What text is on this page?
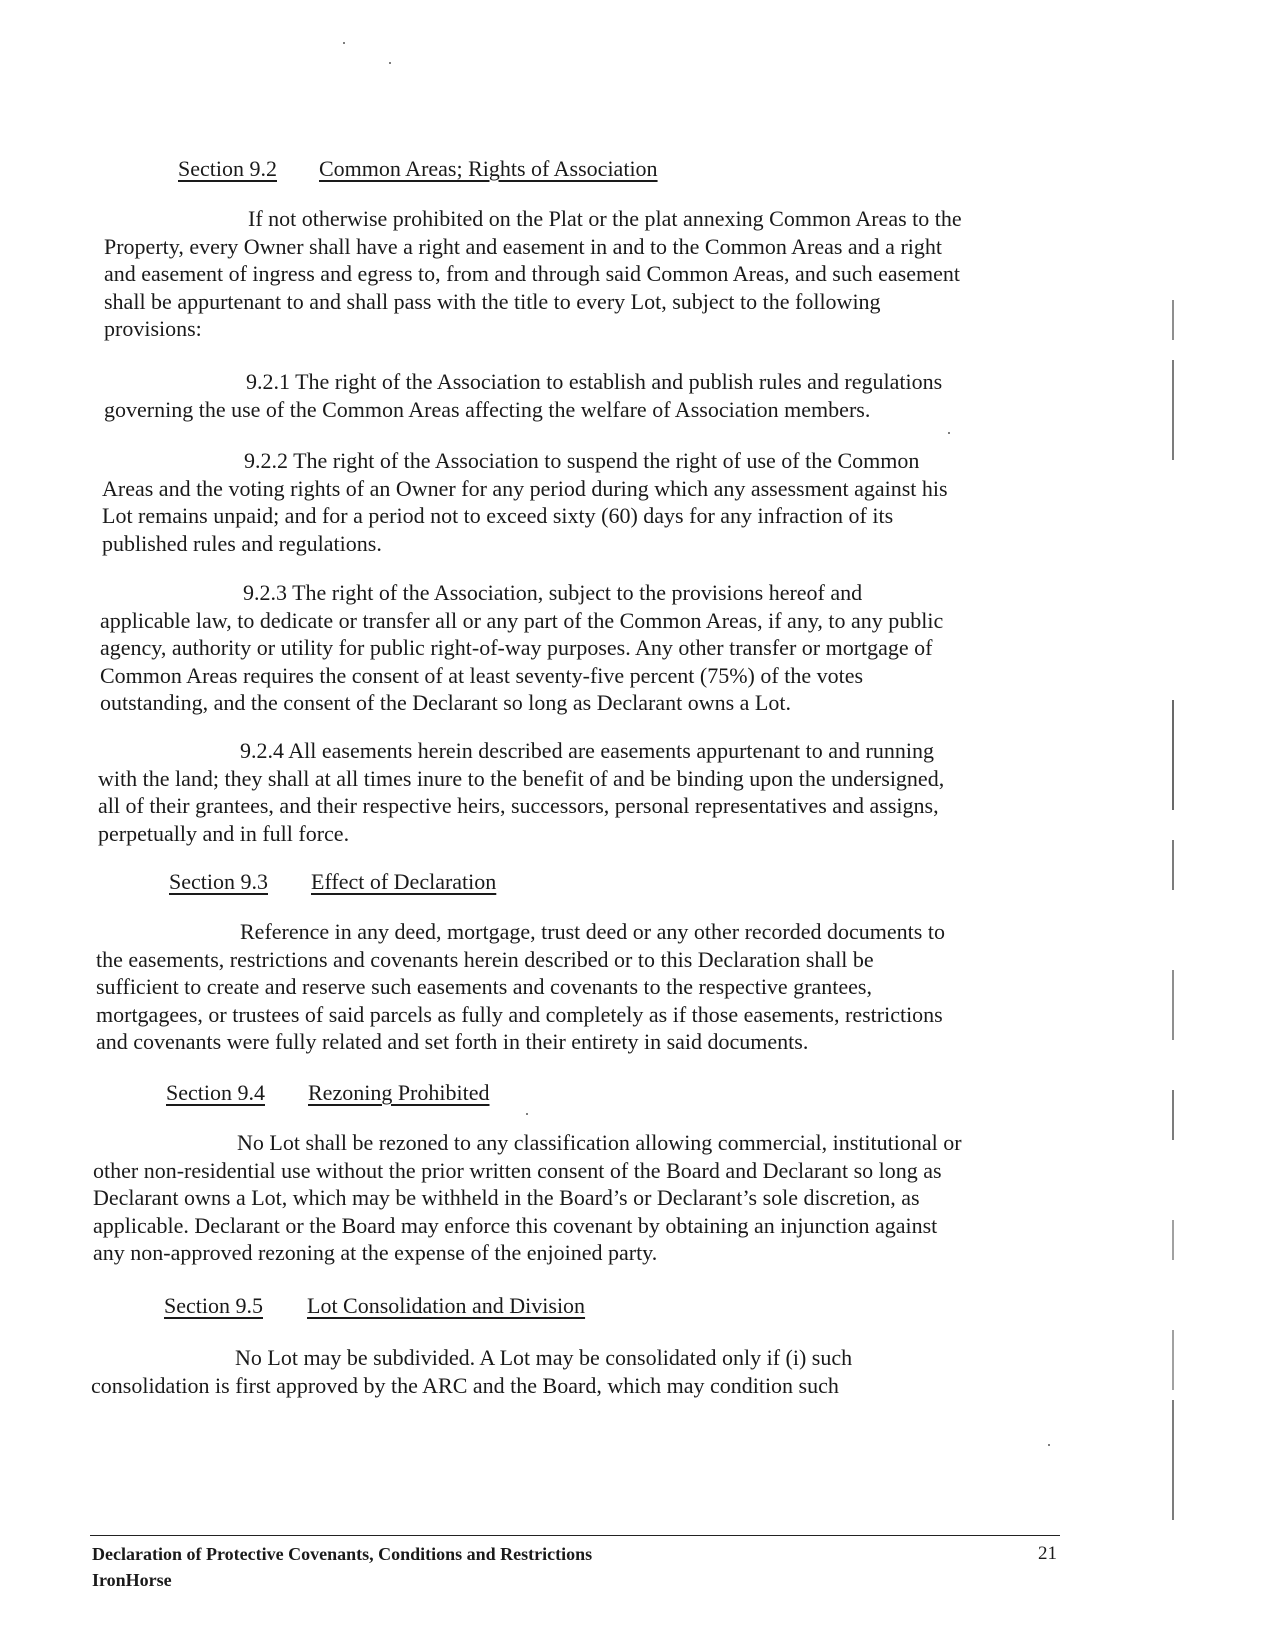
Section 9.2 Common Areas; Rights of Association
If not otherwise prohibited on the Plat or the plat annexing Common Areas to the
Property, every Owner shall have a right and easement in and to the Common Areas and a right
and easement of ingress and egress to, from and through said Common Areas, and such easement
shall be appurtenant to and shall pass with the title to every Lot, subject to the following
provisions:
9.2.1 The right of the Association to establish and publish rules and regulations
governing the use of the Common Areas affecting the welfare of Association members.
9.2.2 The right of the Association to suspend the right of use of the Common
Areas and the voting rights of an Owner for any period during which any assessment against his
Lot remains unpaid; and for a period not to exceed sixty (60) days for any infraction of its
published rules and regulations.
9.2.3 The right of the Association, subject to the provisions hereof and
applicable law, to dedicate or transfer all or any part of the Common Areas, if any, to any public
agency, authority or utility for public right-of-way purposes. Any other transfer or mortgage of
Common Areas requires the consent of at least seventy-five percent (75%) of the votes
outstanding, and the consent of the Declarant so long as Declarant owns a Lot.
9.2.4 All easements herein described are easements appurtenant to and running
with the land; they shall at all times inure to the benefit of and be binding upon the undersigned,
all of their grantees, and their respective heirs, successors, personal representatives and assigns,
perpetually and in full force.
Section 9.3 Effect of Declaration
Reference in any deed, mortgage, trust deed or any other recorded documents to
the easements, restrictions and covenants herein described or to this Declaration shall be
sufficient to create and reserve such easements and covenants to the respective grantees,
mortgagees, or trustees of said parcels as fully and completely as if those easements, restrictions
and covenants were fully related and set forth in their entirety in said documents.
Section 9.4 Rezoning Prohibited
No Lot shall be rezoned to any classification allowing commercial, institutional or
other non-residential use without the prior written consent of the Board and Declarant so long as
Declarant owns a Lot, which may be withheld in the Board’s or Declarant’s sole discretion, as
applicable. Declarant or the Board may enforce this covenant by obtaining an injunction against
any non-approved rezoning at the expense of the enjoined party.
Section 9.5 Lot Consolidation and Division
No Lot may be subdivided. A Lot may be consolidated only if (i) such
consolidation is first approved by the ARC and the Board, which may condition such
Declaration of Protective Covenants, Conditions and Restrictions
IronHorse
21
